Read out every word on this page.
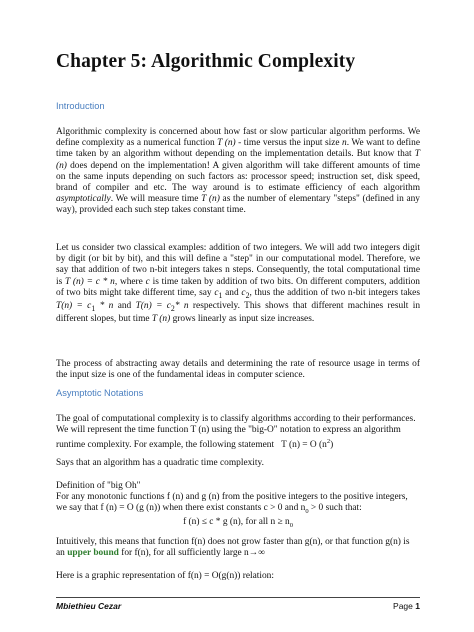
Chapter 5: Algorithmic Complexity
Introduction
Algorithmic complexity is concerned about how fast or slow particular algorithm performs. We define complexity as a numerical function T (n) - time versus the input size n. We want to define time taken by an algorithm without depending on the implementation details. But know that T (n) does depend on the implementation! A given algorithm will take different amounts of time on the same inputs depending on such factors as: processor speed; instruction set, disk speed, brand of compiler and etc. The way around is to estimate efficiency of each algorithm asymptotically. We will measure time T (n) as the number of elementary "steps" (defined in any way), provided each such step takes constant time.
Let us consider two classical examples: addition of two integers. We will add two integers digit by digit (or bit by bit), and this will define a "step" in our computational model. Therefore, we say that addition of two n-bit integers takes n steps. Consequently, the total computational time is T (n) = c * n, where c is time taken by addition of two bits. On different computers, addition of two bits might take different time, say $c_1$ and $c_2$, thus the addition of two n-bit integers takes $T(n) = c_1 * n$ and $T(n) = c_2*$ n respectively. This shows that different machines result in different slopes, but time T (n) grows linearly as input size increases.
The process of abstracting away details and determining the rate of resource usage in terms of the input size is one of the fundamental ideas in computer science.
Asymptotic Notations
The goal of computational complexity is to classify algorithms according to their performances. We will represent the time function T (n) using the "big-O" notation to express an algorithm runtime complexity. For example, the following statement   T (n) = O $(n^2)$
Says that an algorithm has a quadratic time complexity.
Definition of "big Oh"
For any monotonic functions f (n) and g (n) from the positive integers to the positive integers,
we say that f (n) = O (g (n)) when there exist constants c > 0 and $n_0 > 0$ such that:
f (n) ≤ c * g (n), for all $n \ge n_0$
Intuitively, this means that function f(n) does not grow faster than g(n), or that function g(n) is an upper bound for f(n), for all sufficiently large n→∞
Here is a graphic representation of f(n) = O(g(n)) relation:
Mbiethieu Cezar	Page 1
